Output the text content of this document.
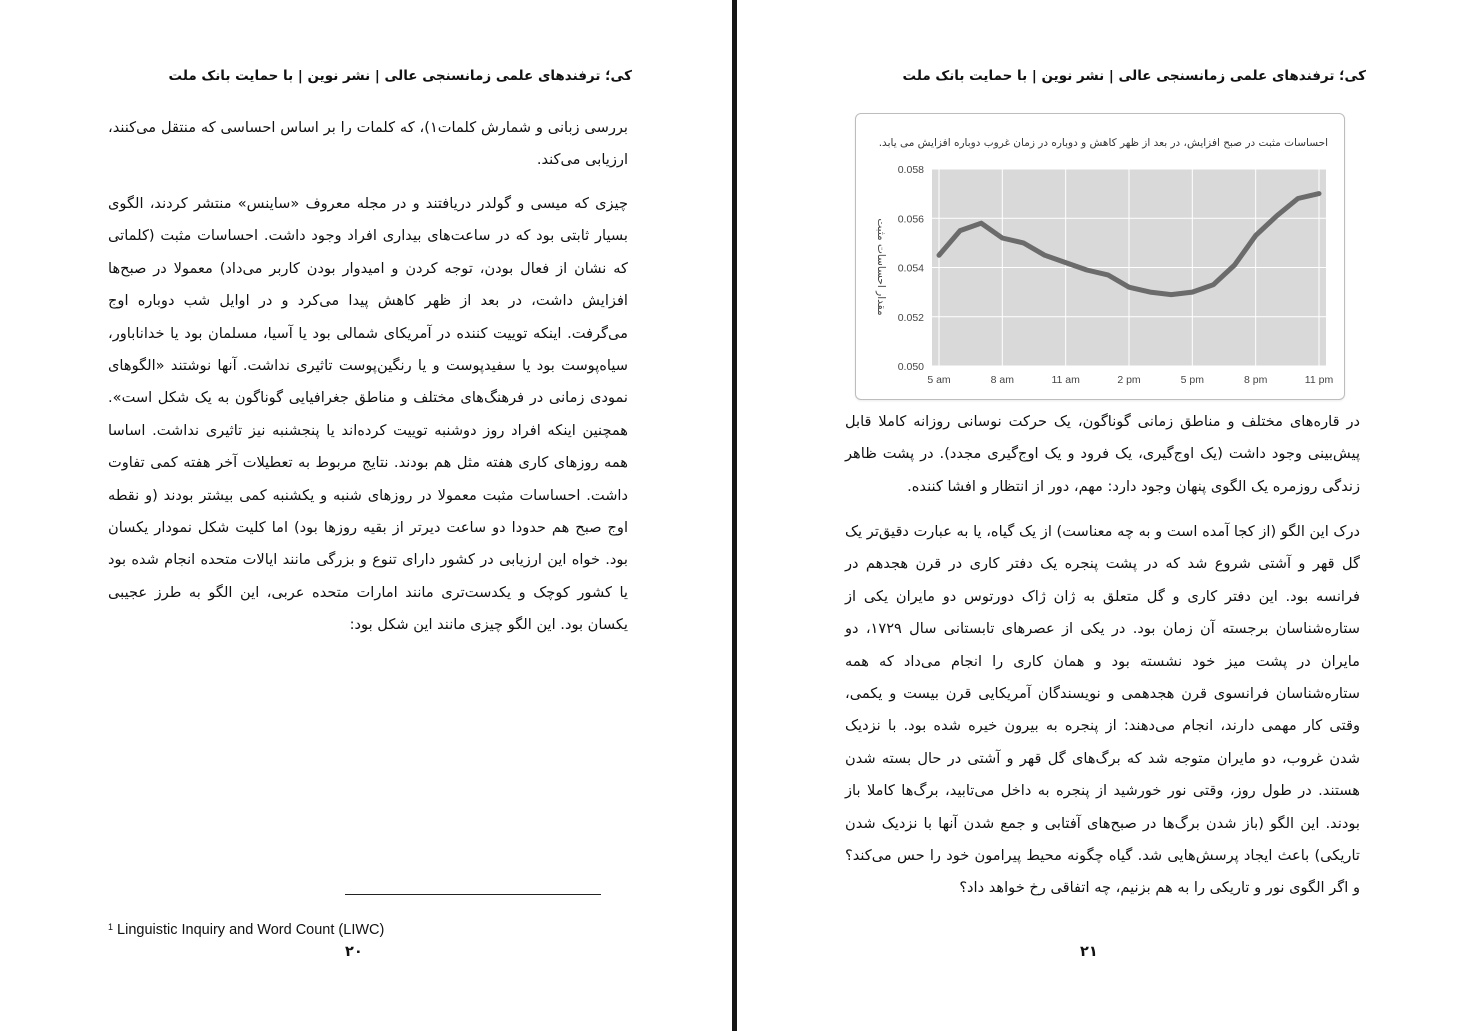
کی؛ ترفندهای علمی زمانسنجی عالی | نشر نوین | با حمایت بانک ملت

بررسی زبانی و شمارش کلمات۱)، که کلمات را بر اساس احساسی که منتقل می‌کنند، ارزیابی می‌کند.

چیزی که میسی و گولدر دریافتند و در مجله معروف «ساینس» منتشر کردند، الگوی بسیار ثابتی بود که در ساعت‌های بیداری افراد وجود داشت. احساسات مثبت (کلماتی که نشان از فعال بودن، توجه کردن و امیدوار بودن کاربر می‌داد) معمولا در صبح‌ها افزایش داشت، در بعد از ظهر کاهش پیدا می‌کرد و در اوایل شب دوباره اوج می‌گرفت. اینکه توییت کننده در آمریکای شمالی بود یا آسیا، مسلمان بود یا خداناباور، سیاه‌پوست بود یا سفیدپوست و یا رنگین‌پوست تاثیری نداشت. آنها نوشتند «الگوهای نمودی زمانی در فرهنگ‌های مختلف و مناطق جغرافیایی گوناگون به یک شکل است». همچنین اینکه افراد روز دوشنبه توییت کرده‌اند یا پنجشنبه نیز تاثیری نداشت. اساسا همه روزهای کاری هفته مثل هم بودند. نتایج مربوط به تعطیلات آخر هفته کمی تفاوت داشت. احساسات مثبت معمولا در روزهای شنبه و یکشنبه کمی بیشتر بودند (و نقطه اوج صبح هم حدودا دو ساعت دیرتر از بقیه روزها بود) اما کلیت شکل نمودار یکسان بود. خواه این ارزیابی در کشور دارای تنوع و بزرگی مانند ایالات متحده انجام شده بود یا کشور کوچک و یکدست‌تری مانند امارات متحده عربی، این الگو به طرز عجیبی یکسان بود. این الگو چیزی مانند این شکل بود:

$^1$ Linguistic Inquiry and Word Count (LIWC)
۲۰
کی؛ ترفندهای علمی زمانسنجی عالی | نشر نوین | با حمایت بانک ملت
احساسات مثبت در صبح افزایش، در بعد از ظهر کاهش و دوباره در زمان غروب دوباره افزایش می یابد.
0.058
0.056
0.054
0.052
0.050
5 am	8 am	11 am	2 pm	5 pm	8 pm	11 pm
مقدار احساسات مثبت

در قاره‌های مختلف و مناطق زمانی گوناگون، یک حرکت نوسانی روزانه کاملا قابل پیش‌بینی وجود داشت (یک اوج‌گیری، یک فرود و یک اوج‌گیری مجدد). در پشت ظاهر زندگی روزمره یک الگوی پنهان وجود دارد: مهم، دور از انتظار و افشا کننده.

درک این الگو (از کجا آمده است و به چه معناست) از یک گیاه، یا به عبارت دقیق‌تر یک گل قهر و آشتی شروع شد که در پشت پنجره یک دفتر کاری در قرن هجدهم در فرانسه بود. این دفتر کاری و گل متعلق به ژان ژاک دورتوس دو مایران یکی از ستاره‌شناسان برجسته آن زمان بود. در یکی از عصرهای تابستانی سال ۱۷۲۹، دو مایران در پشت میز خود نشسته بود و همان کاری را انجام می‌داد که همه ستاره‌شناسان فرانسوی قرن هجدهمی و نویسندگان آمریکایی قرن بیست و یکمی، وقتی کار مهمی دارند، انجام می‌دهند: از پنجره به بیرون خیره شده بود. با نزدیک شدن غروب، دو مایران متوجه شد که برگ‌های گل قهر و آشتی در حال بسته شدن هستند. در طول روز، وقتی نور خورشید از پنجره به داخل می‌تابید، برگ‌ها کاملا باز بودند. این الگو (باز شدن برگ‌ها در صبح‌های آفتابی و جمع شدن آنها با نزدیک شدن تاریکی) باعث ایجاد پرسش‌هایی شد. گیاه چگونه محیط پیرامون خود را حس می‌کند؟ و اگر الگوی نور و تاریکی را به هم بزنیم، چه اتفاقی رخ خواهد داد؟

۲۱
